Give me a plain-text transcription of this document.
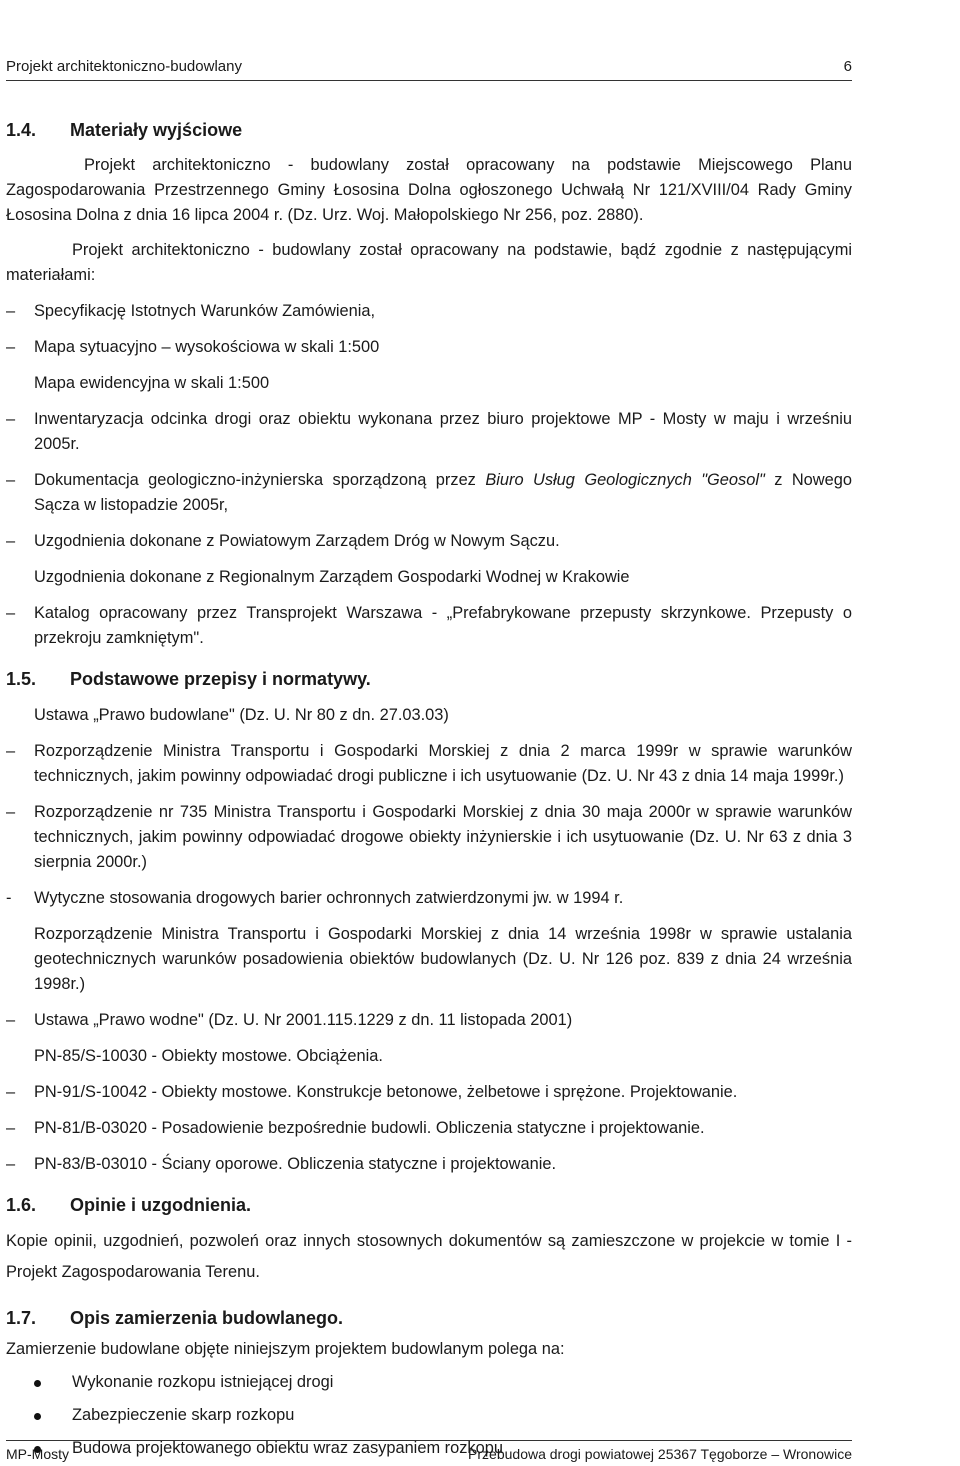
Projekt architektoniczno-budowlany	6
1.4.	Materiały wyjściowe

Projekt architektoniczno - budowlany został opracowany na podstawie Miejscowego Planu Zagospodarowania Przestrzennego Gminy Łososina Dolna ogłoszonego Uchwałą Nr 121/XVIII/04 Rady Gminy Łososina Dolna z dnia 16 lipca 2004 r. (Dz. Urz. Woj. Małopolskiego Nr 256, poz. 2880).

Projekt architektoniczno - budowlany został opracowany na podstawie, bądź zgodnie z następującymi materiałami:

–	Specyfikację Istotnych Warunków Zamówienia,
–	Mapa sytuacyjno – wysokościowa w skali 1:500
Mapa ewidencyjna w skali 1:500
–	Inwentaryzacja odcinka drogi oraz obiektu wykonana przez biuro projektowe MP - Mosty w maju i wrześniu 2005r.
–	Dokumentacja geologiczno-inżynierska sporządzoną przez Biuro Usług Geologicznych "Geosol" z Nowego Sącza w listopadzie 2005r,
–	Uzgodnienia dokonane z Powiatowym Zarządem Dróg w Nowym Sączu.
Uzgodnienia dokonane z Regionalnym Zarządem Gospodarki Wodnej w Krakowie
–	Katalog opracowany przez Transprojekt Warszawa - „Prefabrykowane przepusty skrzynkowe. Przepusty o przekroju zamkniętym".
1.5.	Podstawowe przepisy i normatywy.
Ustawa „Prawo budowlane" (Dz. U. Nr 80 z dn. 27.03.03)
–	Rozporządzenie Ministra Transportu i Gospodarki Morskiej z dnia 2 marca 1999r w sprawie warunków technicznych, jakim powinny odpowiadać drogi publiczne i ich usytuowanie (Dz. U. Nr 43 z dnia 14 maja 1999r.)
–	Rozporządzenie nr 735 Ministra Transportu i Gospodarki Morskiej z dnia 30 maja 2000r w sprawie warunków technicznych, jakim powinny odpowiadać drogowe obiekty inżynierskie i ich usytuowanie (Dz. U. Nr 63 z dnia 3 sierpnia 2000r.)
-	Wytyczne stosowania drogowych barier ochronnych zatwierdzonymi jw. w 1994 r.
Rozporządzenie Ministra Transportu i Gospodarki Morskiej z dnia 14 września 1998r w sprawie ustalania geotechnicznych warunków posadowienia obiektów budowlanych (Dz. U. Nr 126 poz. 839 z dnia 24 września 1998r.)
–	Ustawa „Prawo wodne" (Dz. U. Nr 2001.115.1229 z dn. 11 listopada 2001)
PN-85/S-10030 - Obiekty mostowe. Obciążenia.
–	PN-91/S-10042 - Obiekty mostowe. Konstrukcje betonowe, żelbetowe i sprężone. Projektowanie.
–	PN-81/B-03020 - Posadowienie bezpośrednie budowli. Obliczenia statyczne i projektowanie.
–	PN-83/B-03010 - Ściany oporowe. Obliczenia statyczne i projektowanie.
1.6.	Opinie i uzgodnienia.

Kopie opinii, uzgodnień, pozwoleń oraz innych stosownych dokumentów są zamieszczone w projekcie w tomie I - Projekt Zagospodarowania Terenu.

1.7.	Opis zamierzenia budowlanego.

Zamierzenie budowlane objęte niniejszym projektem budowlanym polega na:

Wykonanie rozkopu istniejącej drogi
Zabezpieczenie skarp rozkopu
Budowa projektowanego obiektu wraz zasypaniem rozkopu
MP-Mosty	Przebudowa drogi powiatowej 25367 Tęgoborze – Wronowice
